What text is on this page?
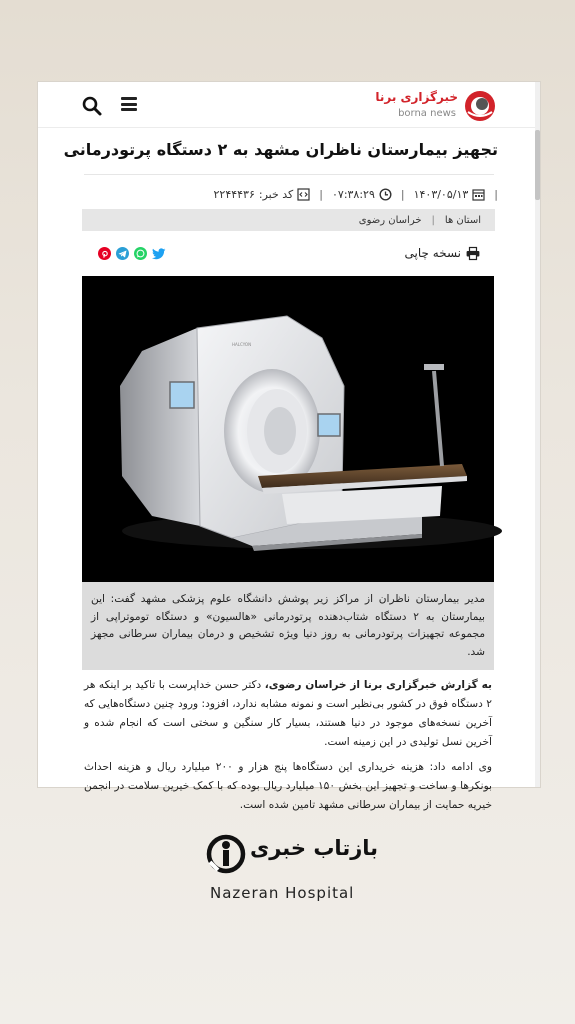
خبرگزاری برنا
borna news
تجهیز بیمارستان ناظران مشهد به ۲ دستگاه پرتودرمانی
|
۱۴۰۳/۰۵/۱۳
|
۰۷:۳۸:۲۹
|
کد خبر:
۲۲۴۴۴۳۶
استان ها
|
خراسان رضوی
نسخه چاپی
HALCYON
مدیر بیمارستان ناظران از مراکز زیر پوشش دانشگاه علوم پزشکی مشهد گفت: این بیمارستان به ۲ دستگاه شتاب‌دهنده پرتودرمانی «هالسیون» و دستگاه توموتراپی از مجموعه تجهیزات پرتودرمانی به روز دنیا ویژه تشخیص و درمان بیماران سرطانی مجهز شد.
به گزارش خبرگزاری برنا از خراسان رضوی، دکتر حسن خداپرست با تاکید بر اینکه هر ۲ دستگاه فوق در کشور بی‌نظیر است و نمونه مشابه ندارد، افزود: ورود چنین دستگاه‌هایی که آخرین نسخه‌های موجود در دنیا هستند، بسیار کار سنگین و سختی است که انجام شده و آخرین نسل تولیدی در این زمینه است.
وی ادامه داد: هزینه خریداری این دستگاه‌ها پنج هزار و ۲۰۰ میلیارد ریال و هزینه احداث بونکرها و ساخت و تجهیز این بخش ۱۵۰ میلیارد ریال بوده که با کمک خیرین سلامت در انجمن خیریه حمایت از بیماران سرطانی مشهد تامین شده است.
بازتاب خبری
Nazeran Hospital
